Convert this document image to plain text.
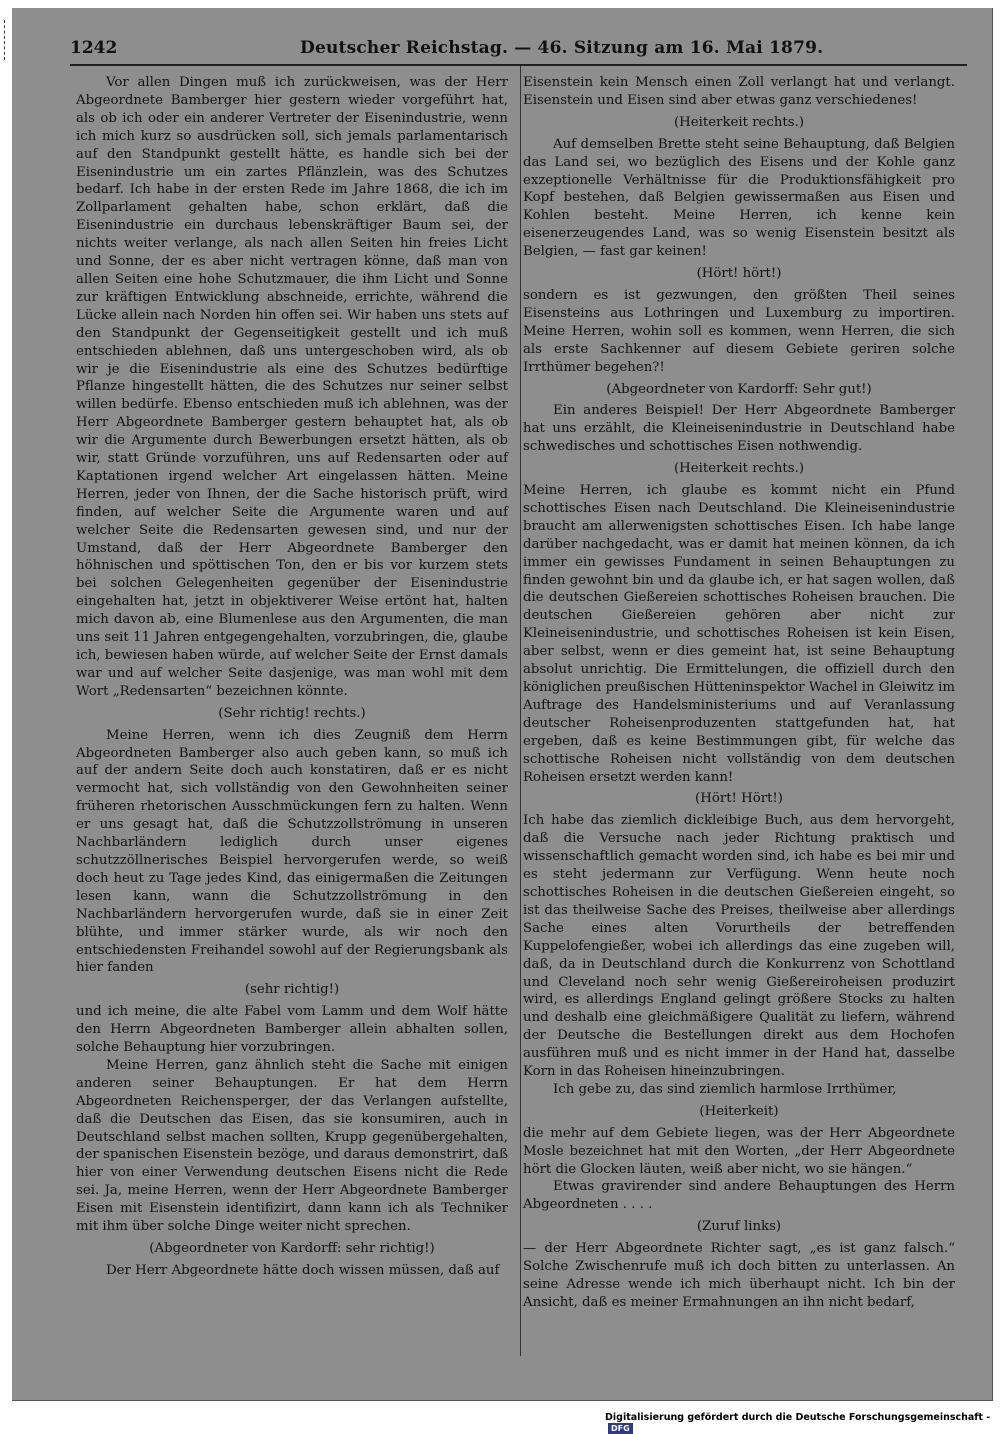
1242	Deutscher Reichstag. — 46. Sitzung am 16. Mai 1879.

Vor allen Dingen muß ich zurückweisen, was der Herr Abgeordnete Bamberger hier gestern wieder vorgeführt hat, als ob ich oder ein anderer Vertreter der Eisenindustrie, wenn ich mich kurz so ausdrücken soll, sich jemals parlamentarisch auf den Standpunkt gestellt hätte, es handle sich bei der Eisenindustrie um ein zartes Pflänzlein, was des Schutzes bedarf. Ich habe in der ersten Rede im Jahre 1868, die ich im Zollparlament gehalten habe, schon erklärt, daß die Eisenindustrie ein durchaus lebenskräftiger Baum sei, der nichts weiter verlange, als nach allen Seiten hin freies Licht und Sonne, der es aber nicht vertragen könne, daß man von allen Seiten eine hohe Schutzmauer, die ihm Licht und Sonne zur kräftigen Entwicklung abschneide, errichte, während die Lücke allein nach Norden hin offen sei. Wir haben uns stets auf den Standpunkt der Gegenseitigkeit gestellt und ich muß entschieden ablehnen, daß uns untergeschoben wird, als ob wir je die Eisenindustrie als eine des Schutzes bedürftige Pflanze hingestellt hätten, die des Schutzes nur seiner selbst willen bedürfe. Ebenso entschieden muß ich ablehnen, was der Herr Abgeordnete Bamberger gestern behauptet hat, als ob wir die Argumente durch Bewerbungen ersetzt hätten, als ob wir, statt Gründe vorzuführen, uns auf Redensarten oder auf Kaptationen irgend welcher Art eingelassen hätten. Meine Herren, jeder von Ihnen, der die Sache historisch prüft, wird finden, auf welcher Seite die Argumente waren und auf welcher Seite die Redensarten gewesen sind, und nur der Umstand, daß der Herr Abgeordnete Bamberger den höhnischen und spöttischen Ton, den er bis vor kurzem stets bei solchen Gelegenheiten gegenüber der Eisenindustrie eingehalten hat, jetzt in objektiverer Weise ertönt hat, halten mich davon ab, eine Blumenlese aus den Argumenten, die man uns seit 11 Jahren entgegengehalten, vorzubringen, die, glaube ich, bewiesen haben würde, auf welcher Seite der Ernst damals war und auf welcher Seite dasjenige, was man wohl mit dem Wort „Redensarten“ bezeichnen könnte.

(Sehr richtig! rechts.)

Meine Herren, wenn ich dies Zeugniß dem Herrn Abgeordneten Bamberger also auch geben kann, so muß ich auf der andern Seite doch auch konstatiren, daß er es nicht vermocht hat, sich vollständig von den Gewohnheiten seiner früheren rhetorischen Ausschmückungen fern zu halten. Wenn er uns gesagt hat, daß die Schutzzollströmung in unseren Nachbarländern lediglich durch unser eigenes schutzzöllnerisches Beispiel hervorgerufen werde, so weiß doch heut zu Tage jedes Kind, das einigermaßen die Zeitungen lesen kann, wann die Schutzzollströmung in den Nachbarländern hervorgerufen wurde, daß sie in einer Zeit blühte, und immer stärker wurde, als wir noch den entschiedensten Freihandel sowohl auf der Regierungsbank als hier fanden

(sehr richtig!)

und ich meine, die alte Fabel vom Lamm und dem Wolf hätte den Herrn Abgeordneten Bamberger allein abhalten sollen, solche Behauptung hier vorzubringen.

Meine Herren, ganz ähnlich steht die Sache mit einigen anderen seiner Behauptungen. Er hat dem Herrn Abgeordneten Reichensperger, der das Verlangen aufstellte, daß die Deutschen das Eisen, das sie konsumiren, auch in Deutschland selbst machen sollten, Krupp gegenübergehalten, der spanischen Eisenstein bezöge, und daraus demonstrirt, daß hier von einer Verwendung deutschen Eisens nicht die Rede sei. Ja, meine Herren, wenn der Herr Abgeordnete Bamberger Eisen mit Eisenstein identifizirt, dann kann ich als Techniker mit ihm über solche Dinge weiter nicht sprechen.

(Abgeordneter von Kardorff: sehr richtig!)

Der Herr Abgeordnete hätte doch wissen müssen, daß auf

Eisenstein kein Mensch einen Zoll verlangt hat und verlangt. Eisenstein und Eisen sind aber etwas ganz verschiedenes!

(Heiterkeit rechts.)

Auf demselben Brette steht seine Behauptung, daß Belgien das Land sei, wo bezüglich des Eisens und der Kohle ganz exzeptionelle Verhältnisse für die Produktionsfähigkeit pro Kopf bestehen, daß Belgien gewissermaßen aus Eisen und Kohlen besteht. Meine Herren, ich kenne kein eisenerzeugendes Land, was so wenig Eisenstein besitzt als Belgien, — fast gar keinen!

(Hört! hört!)

sondern es ist gezwungen, den größten Theil seines Eisensteins aus Lothringen und Luxemburg zu importiren. Meine Herren, wohin soll es kommen, wenn Herren, die sich als erste Sachkenner auf diesem Gebiete geriren solche Irrthümer begehen?!

(Abgeordneter von Kardorff: Sehr gut!)

Ein anderes Beispiel! Der Herr Abgeordnete Bamberger hat uns erzählt, die Kleineisenindustrie in Deutschland habe schwedisches und schottisches Eisen nothwendig.

(Heiterkeit rechts.)

Meine Herren, ich glaube es kommt nicht ein Pfund schottisches Eisen nach Deutschland. Die Kleineisenindustrie braucht am allerwenigsten schottisches Eisen. Ich habe lange darüber nachgedacht, was er damit hat meinen können, da ich immer ein gewisses Fundament in seinen Behauptungen zu finden gewohnt bin und da glaube ich, er hat sagen wollen, daß die deutschen Gießereien schottisches Roheisen brauchen. Die deutschen Gießereien gehören aber nicht zur Kleineisenindustrie, und schottisches Roheisen ist kein Eisen, aber selbst, wenn er dies gemeint hat, ist seine Behauptung absolut unrichtig. Die Ermittelungen, die offiziell durch den königlichen preußischen Hütteninspektor Wachel in Gleiwitz im Auftrage des Handelsministeriums und auf Veranlassung deutscher Roheisenproduzenten stattgefunden hat, hat ergeben, daß es keine Bestimmungen gibt, für welche das schottische Roheisen nicht vollständig von dem deutschen Roheisen ersetzt werden kann!

(Hört! Hört!)

Ich habe das ziemlich dickleibige Buch, aus dem hervorgeht, daß die Versuche nach jeder Richtung praktisch und wissenschaftlich gemacht worden sind, ich habe es bei mir und es steht jedermann zur Verfügung. Wenn heute noch schottisches Roheisen in die deutschen Gießereien eingeht, so ist das theilweise Sache des Preises, theilweise aber allerdings Sache eines alten Vorurtheils der betreffenden Kuppelofengießer, wobei ich allerdings das eine zugeben will, daß, da in Deutschland durch die Konkurrenz von Schottland und Cleveland noch sehr wenig Gießereiroheisen produzirt wird, es allerdings England gelingt größere Stocks zu halten und deshalb eine gleichmäßigere Qualität zu liefern, während der Deutsche die Bestellungen direkt aus dem Hochofen ausführen muß und es nicht immer in der Hand hat, dasselbe Korn in das Roheisen hineinzubringen.

Ich gebe zu, das sind ziemlich harmlose Irrthümer,

(Heiterkeit)

die mehr auf dem Gebiete liegen, was der Herr Abgeordnete Mosle bezeichnet hat mit den Worten, „der Herr Abgeordnete hört die Glocken läuten, weiß aber nicht, wo sie hängen.“

Etwas gravirender sind andere Behauptungen des Herrn Abgeordneten . . . .

(Zuruf links)

— der Herr Abgeordnete Richter sagt, „es ist ganz falsch.“ Solche Zwischenrufe muß ich doch bitten zu unterlassen. An seine Adresse wende ich mich überhaupt nicht. Ich bin der Ansicht, daß es meiner Ermahnungen an ihn nicht bedarf,

Digitalisierung gefördert durch die Deutsche Forschungsgemeinschaft -DFG
